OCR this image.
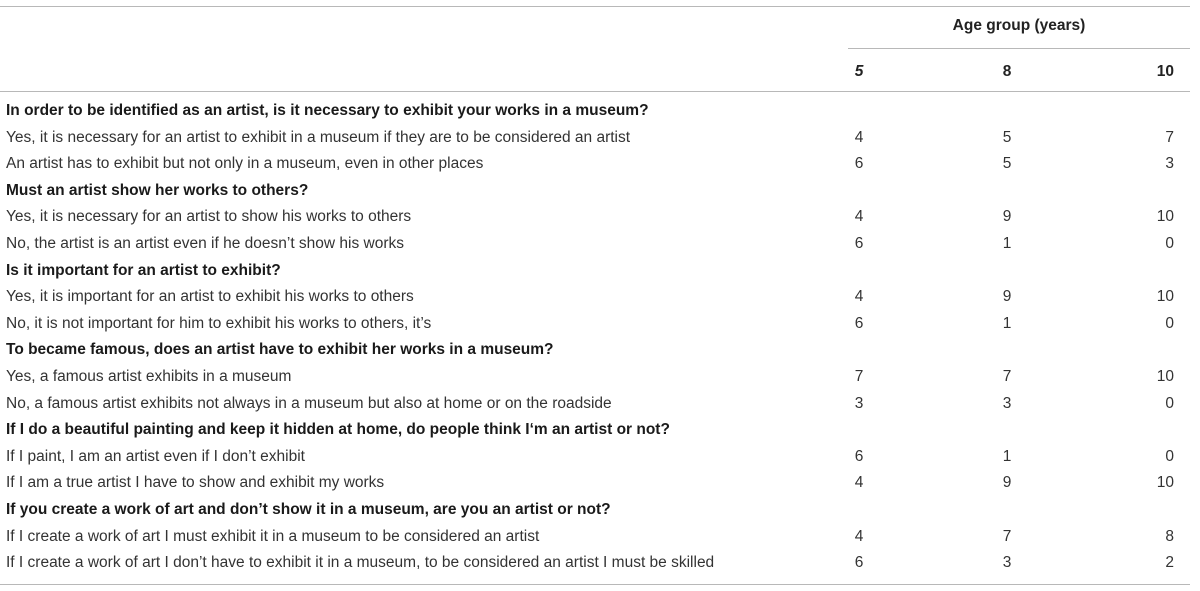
Age group (years)
5	8	10
In order to be identified as an artist, is it necessary to exhibit your works in a museum?
Yes, it is necessary for an artist to exhibit in a museum if they are to be considered an artist	4	5	7
An artist has to exhibit but not only in a museum, even in other places	6	5	3
Must an artist show her works to others?
Yes, it is necessary for an artist to show his works to others	4	9	10
No, the artist is an artist even if he doesn’t show his works	6	1	0
Is it important for an artist to exhibit?
Yes, it is important for an artist to exhibit his works to others	4	9	10
No, it is not important for him to exhibit his works to others, it’s	6	1	0
To became famous, does an artist have to exhibit her works in a museum?
Yes, a famous artist exhibits in a museum	7	7	10
No, a famous artist exhibits not always in a museum but also at home or on the roadside	3	3	0
If I do a beautiful painting and keep it hidden at home, do people think I‘m an artist or not?
If I paint, I am an artist even if I don’t exhibit	6	1	0
If I am a true artist I have to show and exhibit my works	4	9	10
If you create a work of art and don’t show it in a museum, are you an artist or not?
If I create a work of art I must exhibit it in a museum to be considered an artist	4	7	8
If I create a work of art I don’t have to exhibit it in a museum, to be considered an artist I must be skilled	6	3	2
